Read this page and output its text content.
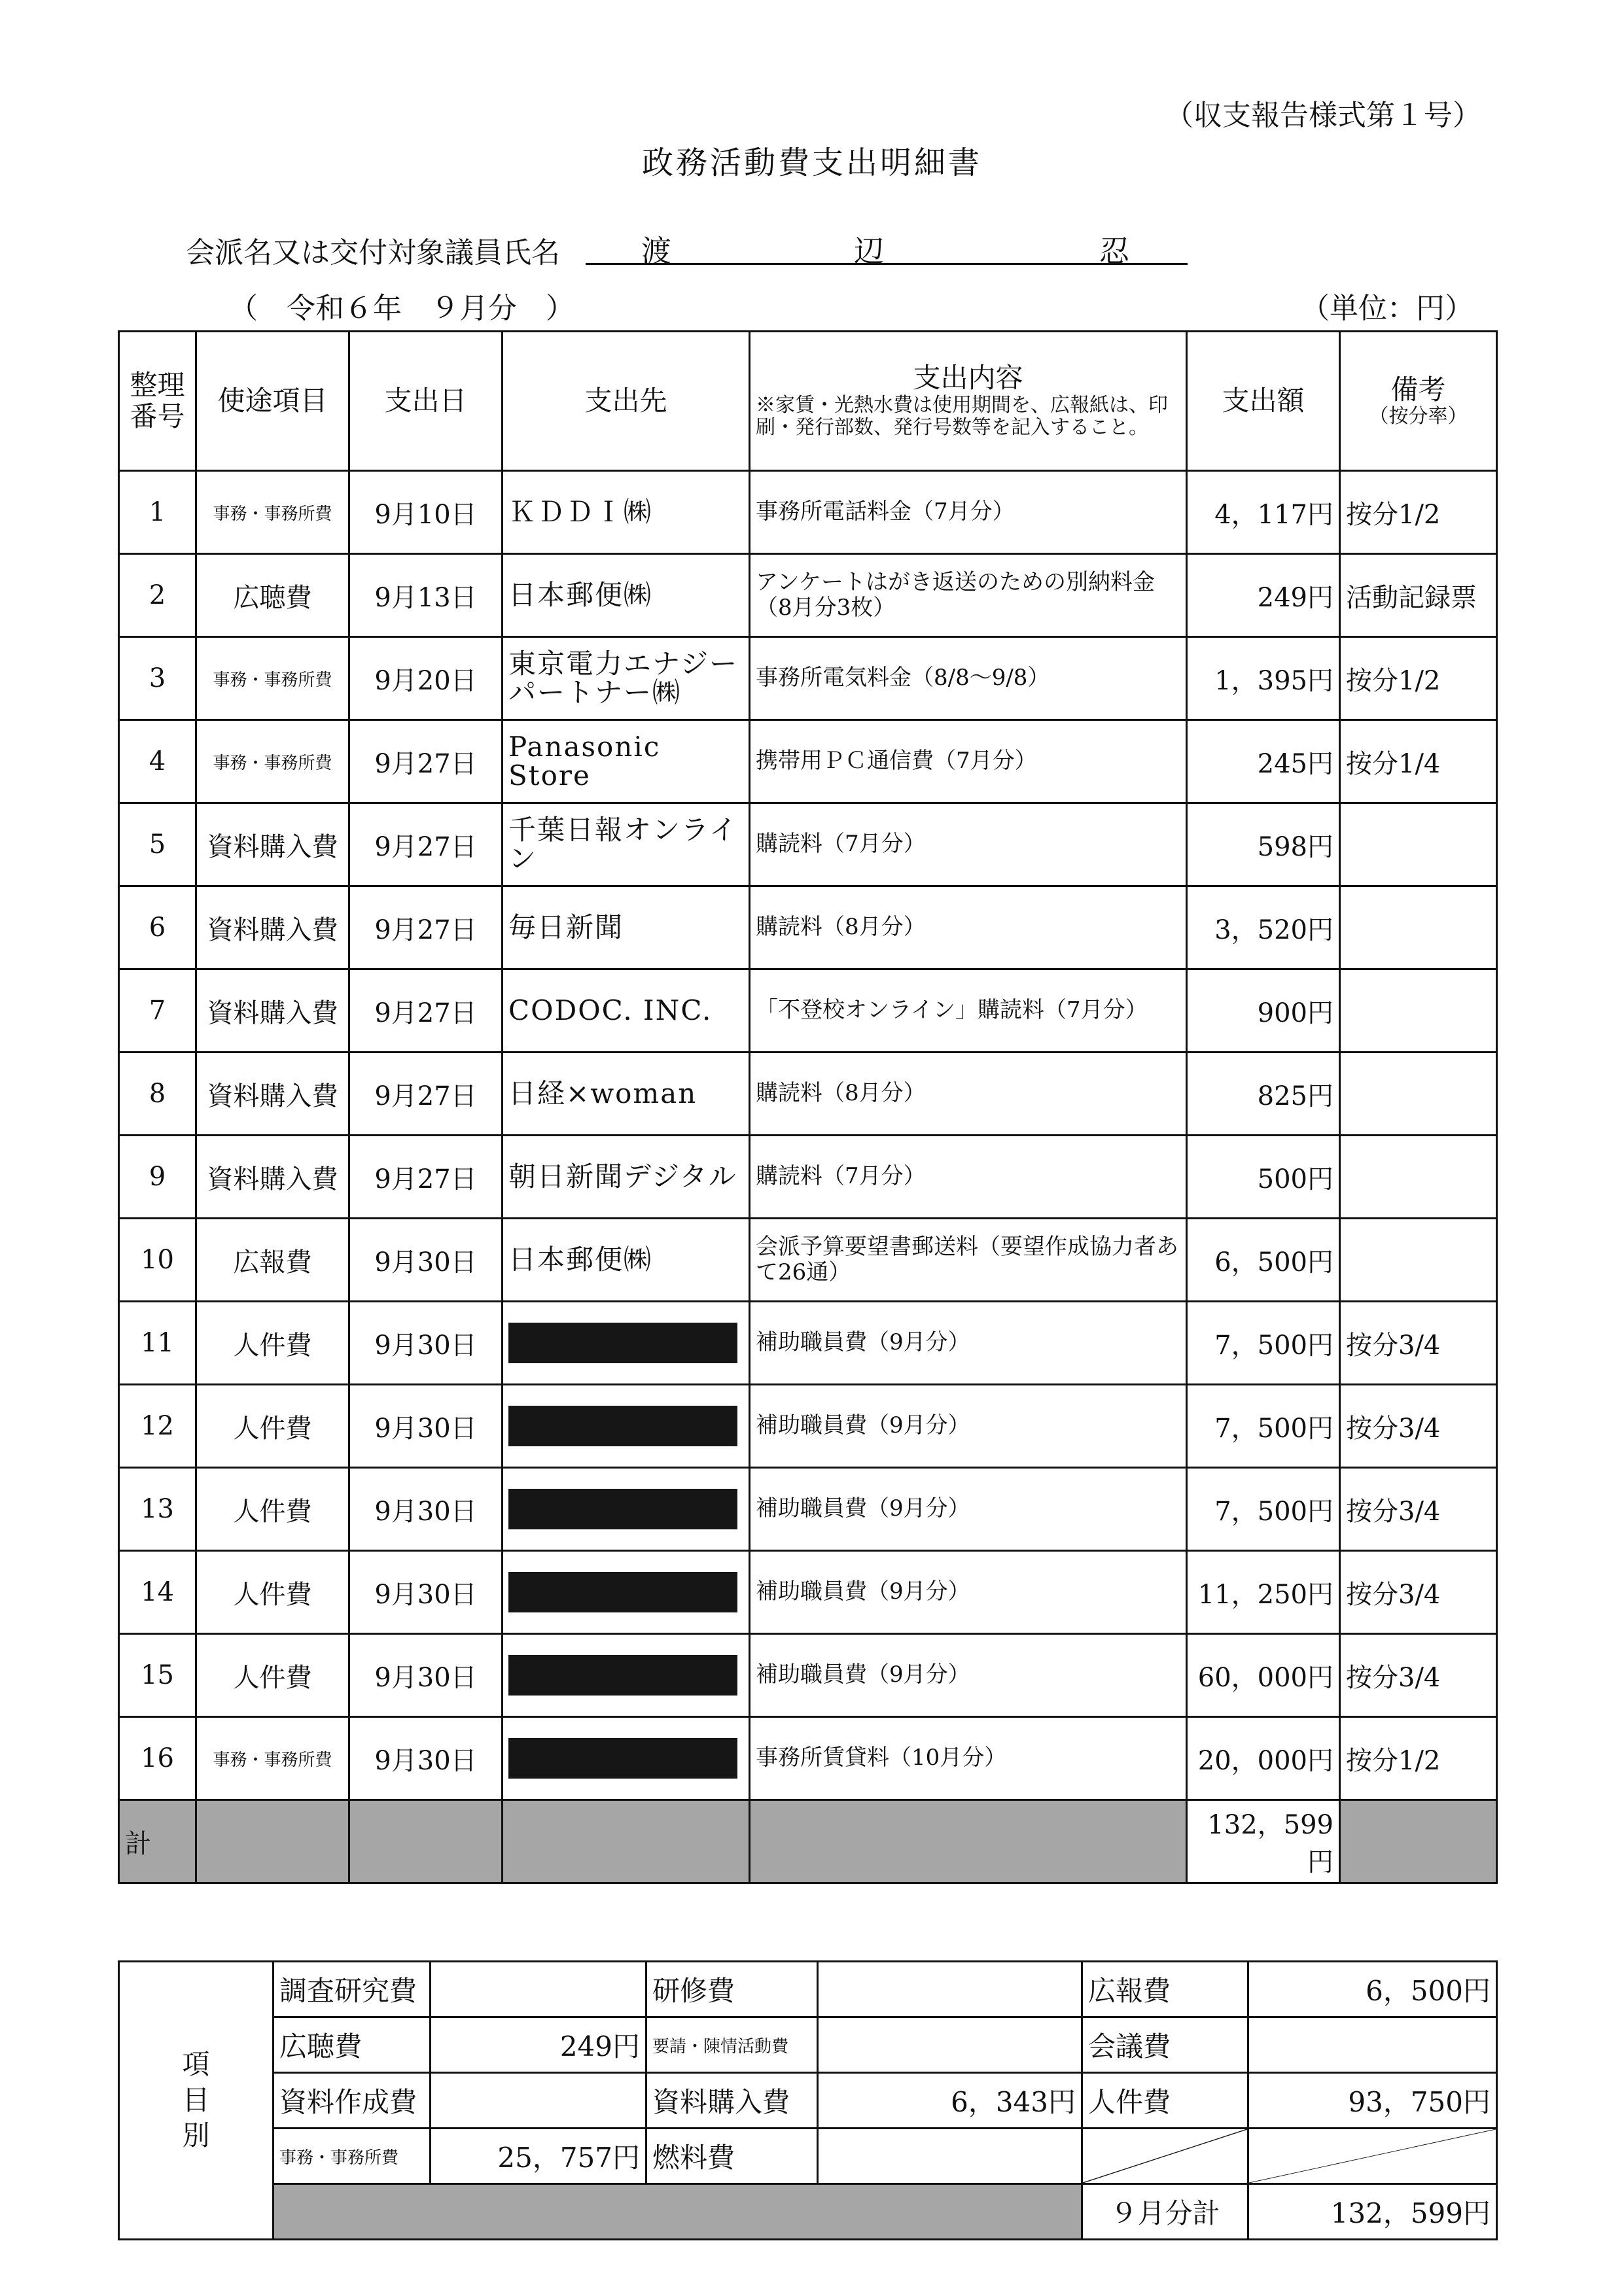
（収支報告様式第１号）
政務活動費支出明細書
会派名又は交付対象議員氏名	渡	辺	忍
（　令和６年　９月分　）	（単位：円）
整理
番号	使途項目	支出日	支出先	支出内容
※家賃・光熱水費は使用期間を、広報紙は、印刷・発行部数、発行号数等を記入すること。	支出額	備考
（按分率）

1	事務・事務所費	9月10日	ＫＤＤＩ㈱	事務所電話料金（7月分）	4，117円	按分1/2
2	広聴費	9月13日	日本郵便㈱	アンケートはがき返送のための別納料金（8月分3枚）	249円	活動記録票
3	事務・事務所費	9月20日	東京電力エナジーパートナー㈱	事務所電気料金（8/8～9/8）	1，395円	按分1/2
4	事務・事務所費	9月27日	Panasonic Store	携帯用ＰＣ通信費（7月分）	245円	按分1/4
5	資料購入費	9月27日	千葉日報オンライン	購読料（7月分）	598円	
6	資料購入費	9月27日	毎日新聞	購読料（8月分）	3，520円	
7	資料購入費	9月27日	CODOC. INC.	「不登校オンライン」購読料（7月分）	900円	
8	資料購入費	9月27日	日経×woman	購読料（8月分）	825円	
9	資料購入費	9月27日	朝日新聞デジタル	購読料（7月分）	500円	
10	広報費	9月30日	日本郵便㈱	会派予算要望書郵送料（要望作成協力者あて26通）	6，500円	
11	人件費	9月30日		補助職員費（9月分）	7，500円	按分3/4
12	人件費	9月30日		補助職員費（9月分）	7，500円	按分3/4
13	人件費	9月30日		補助職員費（9月分）	7，500円	按分3/4
14	人件費	9月30日		補助職員費（9月分）	11，250円	按分3/4
15	人件費	9月30日		補助職員費（9月分）	60，000円	按分3/4
16	事務・事務所費	9月30日		事務所賃貸料（10月分）	20，000円	按分1/2
計					132，599円	
項
目
別	調査研究費		研修費		広報費	6，500円
	広聴費	249円	要請・陳情活動費		会議費	
	資料作成費		資料購入費	6，343円	人件費	93，750円
	事務・事務所費	25，757円	燃料費		

					９月分計	132，599円
